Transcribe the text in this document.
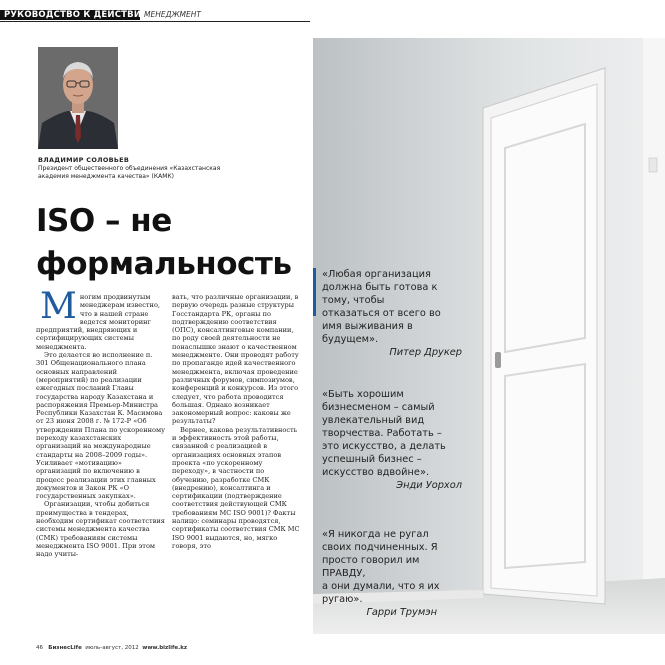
РУКОВОДСТВО К ДЕЙСТВИЮ
МЕНЕДЖМЕНТ
ВЛАДИМИР СОЛОВЬЕВ
Президент общественного объединения «Казахстанская академия менеджмента качества» (КАМК)
ISO – не
формальность

Многим продвинутым менеджерам известно, что в нашей стране ведется мониторинг предприятий, внедряющих и сертифицирующих системы менеджмента.

Это делается во исполнение п. 301 Общенационального плана основных направлений (мероприятий) по реализации ежегодных посланий Главы государства народу Казахстана и распоряжения Премьер-Министра Республики Казахстан К. Масимова от 23 июня 2008 г. № 172-Р «Об утверждении Плана по ускоренному переходу казахстанских организаций на международные стандарты на 2008–2009 годы». Усиливает «мотивацию» организаций по включению в процесс реализации этих главных документов и Закон РК «О государственных закупках».

Организации, чтобы добиться преимущества в тендерах, необходим сертификат соответствия системы менеджмента качества (СМК) требованиям системы менеджмента ISO 9001. При этом надо учиты-

вать, что различные организации, в первую очередь разные структуры Госстандарта РК, органы по подтверждению соответствия (ОПС), консалтинговые компании, по роду своей деятельности не понаслышке знают о качественном менеджменте. Они проводят работу по пропаганде идей качественного менеджмента, включая проведение различных форумов, симпозиумов, конференций и конкурсов. Из этого следует, что работа проводится большая. Однако возникает закономерный вопрос: каковы же результаты?

Вернее, какова результативность и эффективность этой работы, связанной с реализацией в организациях основных этапов проекта «по ускоренному переходу», в частности по обучению, разработке СМК (внедрению), консалтинга и сертификации (подтверждение соответствия действующей СМК требованиям МС ISO 9001)? Факты налицо: семинары проводятся, сертификаты соответствия СМК МС ISO 9001 выдаются, но, мягко говоря, это

46 БизнесLife июль-август, 2012 www.bizlife.kz
«Любая организация должна быть готова к тому, чтобы отказаться от всего во имя выживания в будущем».
Питер Друкер
«Быть хорошим бизнесменом – самый увлекательный вид творчества. Работать – это искусство, а делать успешный бизнес – искусство вдвойне».
Энди Уорхол
«Я никогда не ругал своих подчиненных. Я просто говорил им ПРАВДУ,
а они думали, что я их ругаю».
Гарри Трумэн
